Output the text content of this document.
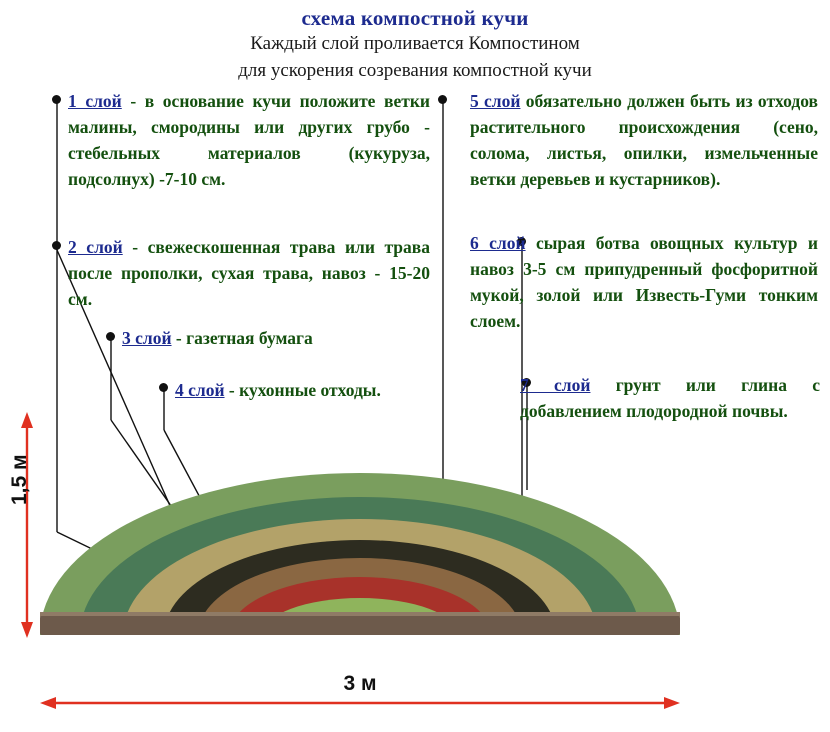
схема компостной кучи
Каждый слой проливается Компостином
для ускорения созревания компостной кучи
1 слой - в основание кучи положите ветки малины, смородины или других грубо - стебельных материалов (кукуруза, подсолнух) -7-10 см.
2 слой - свежескошенная трава или трава после прополки, сухая трава, навоз - 15-20 см.
3 слой - газетная бумага
4 слой - кухонные отходы.
5 слой обязательно должен быть из отходов растительного происхождения (сено, солома, листья, опилки, измельченные ветки деревьев и кустарников).
6 слой сырая ботва овощных культур и навоз 3-5 см припудренный фосфоритной мукой, золой или Известь-Гуми тонким слоем.
7 слой грунт или глина с добавлением плодородной почвы.
1,5 м
3 м
